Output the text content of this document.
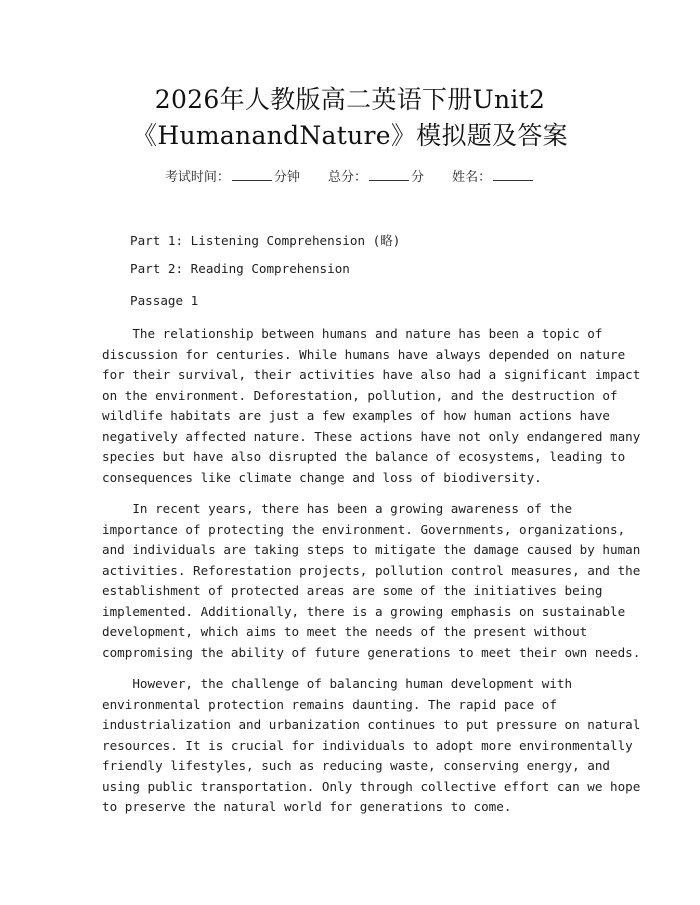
2026年人教版高二英语下册Unit2
《HumanandNature》模拟题及答案
考试时间：	分钟 总分：	分 姓名：
Part 1: Listening Comprehension (略)
Part 2: Reading Comprehension
Passage 1
The relationship between humans and nature has been a topic of
discussion for centuries. While humans have always depended on nature
for their survival, their activities have also had a significant impact
on the environment. Deforestation, pollution, and the destruction of
wildlife habitats are just a few examples of how human actions have
negatively affected nature. These actions have not only endangered many
species but have also disrupted the balance of ecosystems, leading to
consequences like climate change and loss of biodiversity.
In recent years, there has been a growing awareness of the
importance of protecting the environment. Governments, organizations,
and individuals are taking steps to mitigate the damage caused by human
activities. Reforestation projects, pollution control measures, and the
establishment of protected areas are some of the initiatives being
implemented. Additionally, there is a growing emphasis on sustainable
development, which aims to meet the needs of the present without
compromising the ability of future generations to meet their own needs.
However, the challenge of balancing human development with
environmental protection remains daunting. The rapid pace of
industrialization and urbanization continues to put pressure on natural
resources. It is crucial for individuals to adopt more environmentally
friendly lifestyles, such as reducing waste, conserving energy, and
using public transportation. Only through collective effort can we hope
to preserve the natural world for generations to come.
